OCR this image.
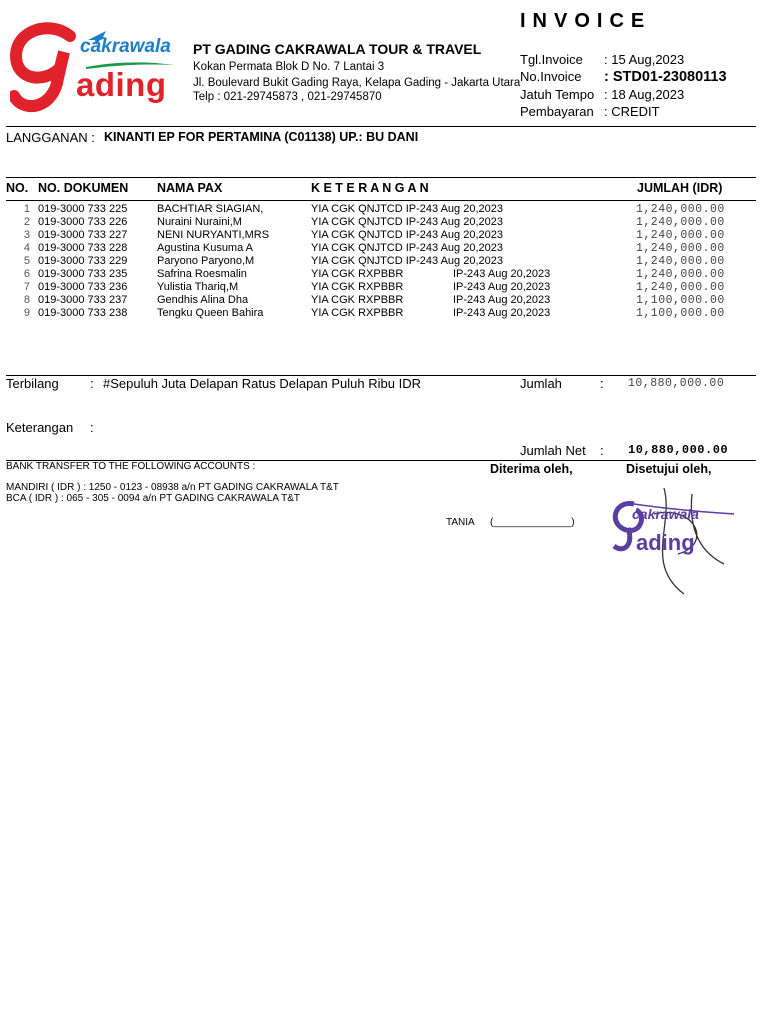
cakrawala
ading
PT GADING CAKRAWALA TOUR & TRAVEL
Kokan Permata Blok D No. 7 Lantai 3
Jl. Boulevard Bukit Gading Raya, Kelapa Gading - Jakarta Utara
Telp : 021-29745873 , 021-29745870
INVOICE
Tgl.Invoice : 15 Aug,2023
No.Invoice : STD01-23080113
Jatuh Tempo : 18 Aug,2023
Pembayaran : CREDIT
LANGGANAN : KINANTI EP FOR PERTAMINA (C01138) UP.: BU DANI
NO. NO. DOKUMEN NAMA PAX	K E T E R A N G A N	JUMLAH (IDR)
1 019-3000 733 225	BACHTIAR SIAGIAN,	YIA CGK QNJTCD IP-243 Aug 20,2023	1,240,000.00
2 019-3000 733 226	Nuraini Nuraini,M	YIA CGK QNJTCD IP-243 Aug 20,2023	1,240,000.00
3 019-3000 733 227	NENI NURYANTI,MRS	YIA CGK QNJTCD IP-243 Aug 20,2023	1,240,000.00
4 019-3000 733 228	Agustina Kusuma A	YIA CGK QNJTCD IP-243 Aug 20,2023	1,240,000.00
5 019-3000 733 229	Paryono Paryono,M	YIA CGK QNJTCD IP-243 Aug 20,2023	1,240,000.00
6 019-3000 733 235	Safrina Roesmalin	YIA CGK RXPBBR	IP-243 Aug 20,2023	1,240,000.00
7 019-3000 733 236	Yulistia Thariq,M	YIA CGK RXPBBR	IP-243 Aug 20,2023	1,240,000.00
8 019-3000 733 237	Gendhis Alina Dha	YIA CGK RXPBBR	IP-243 Aug 20,2023	1,100,000.00
9 019-3000 733 238	Tengku Queen Bahira	YIA CGK RXPBBR	IP-243 Aug 20,2023	1,100,000.00
Terbilang : #Sepuluh Juta Delapan Ratus Delapan Puluh Ribu IDR	Jumlah	: 10,880,000.00
Keterangan :
Jumlah Net : 10,880,000.00
BANK TRANSFER TO THE FOLLOWING ACCOUNTS :
MANDIRI ( IDR ) : 1250 - 0123 - 08938 a/n PT GADING CAKRAWALA T&T
BCA ( IDR ) : 065 - 305 - 0094 a/n PT GADING CAKRAWALA T&T
Diterima oleh,	Disetujui oleh,
TANIA (______________)
cakrawala
ading
